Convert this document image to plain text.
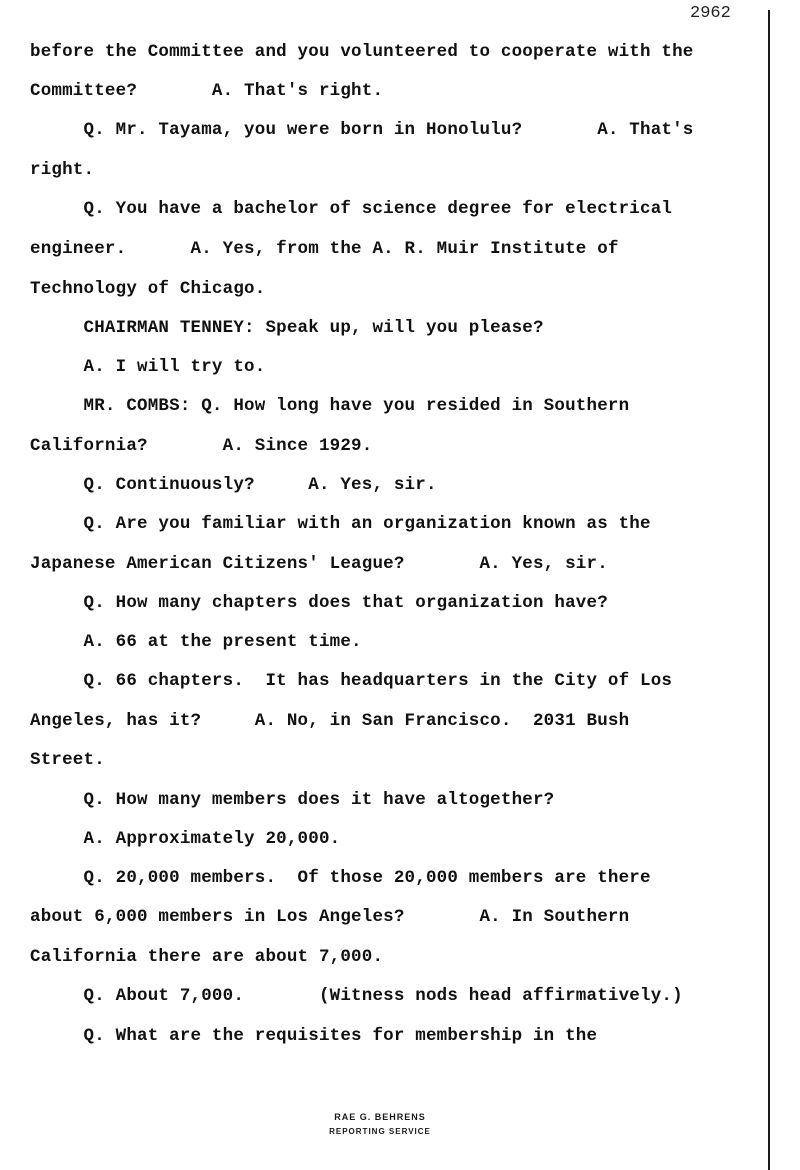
2962
before the Committee and you volunteered to cooperate with the
Committee?       A. That's right.
Q. Mr. Tayama, you were born in Honolulu?       A. That's
right.
Q. You have a bachelor of science degree for electrical
engineer.      A. Yes, from the A. R. Muir Institute of
Technology of Chicago.
CHAIRMAN TENNEY: Speak up, will you please?
A. I will try to.
MR. COMBS: Q. How long have you resided in Southern
California?       A. Since 1929.
Q. Continuously?     A. Yes, sir.
Q. Are you familiar with an organization known as the
Japanese American Citizens' League?       A. Yes, sir.
Q. How many chapters does that organization have?
A. 66 at the present time.
Q. 66 chapters.  It has headquarters in the City of Los
Angeles, has it?     A. No, in San Francisco.  2031 Bush
Street.
Q. How many members does it have altogether?
A. Approximately 20,000.
Q. 20,000 members.  Of those 20,000 members are there
about 6,000 members in Los Angeles?       A. In Southern
California there are about 7,000.
Q. About 7,000.       (Witness nods head affirmatively.)
Q. What are the requisites for membership in the
RAE G. BEHRENS
REPORTING SERVICE
